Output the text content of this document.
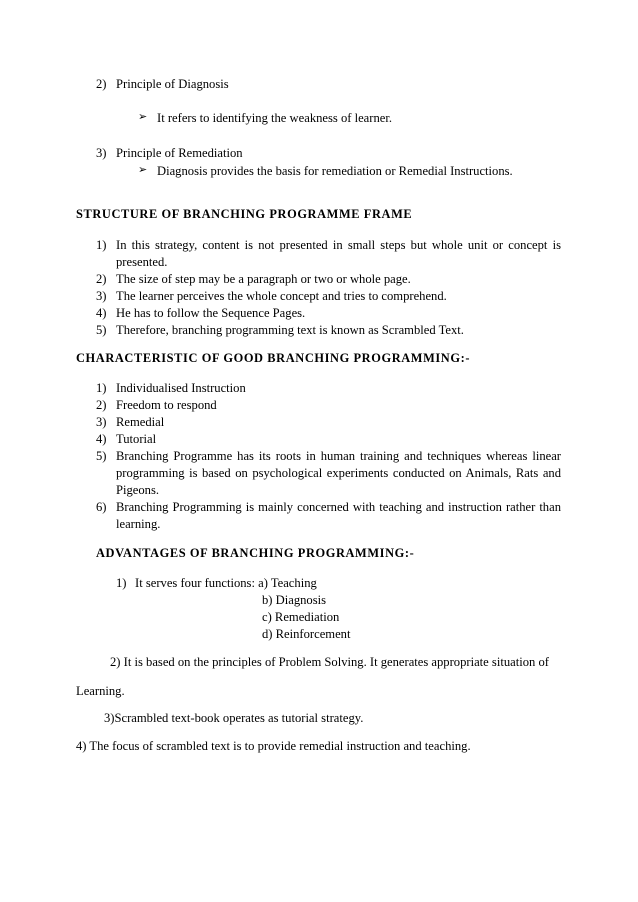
2) Principle of Diagnosis
➢ It refers to identifying the weakness of learner.
3) Principle of Remediation
➢ Diagnosis provides the basis for remediation or Remedial Instructions.
STRUCTURE OF BRANCHING PROGRAMME FRAME
1) In this strategy, content is not presented in small steps but whole unit or concept is presented.
2) The size of step may be a paragraph or two or whole page.
3) The learner perceives the whole concept and tries to comprehend.
4) He has to follow the Sequence Pages.
5) Therefore, branching programming text is known as Scrambled Text.
CHARACTERISTIC OF GOOD BRANCHING PROGRAMMING:-
1) Individualised Instruction
2) Freedom to respond
3) Remedial
4) Tutorial
5) Branching Programme has its roots in human training and techniques whereas linear programming is based on psychological experiments conducted on Animals, Rats and Pigeons.
6) Branching Programming is mainly concerned with teaching and instruction rather than learning.
ADVANTAGES OF BRANCHING PROGRAMMING:-
1) It serves four functions: a) Teaching
b) Diagnosis
c) Remediation
d) Reinforcement
2) It is based on the principles of Problem Solving. It generates appropriate situation of
Learning.
3)Scrambled text-book operates as tutorial strategy.
4) The focus of scrambled text is to provide remedial instruction and teaching.
